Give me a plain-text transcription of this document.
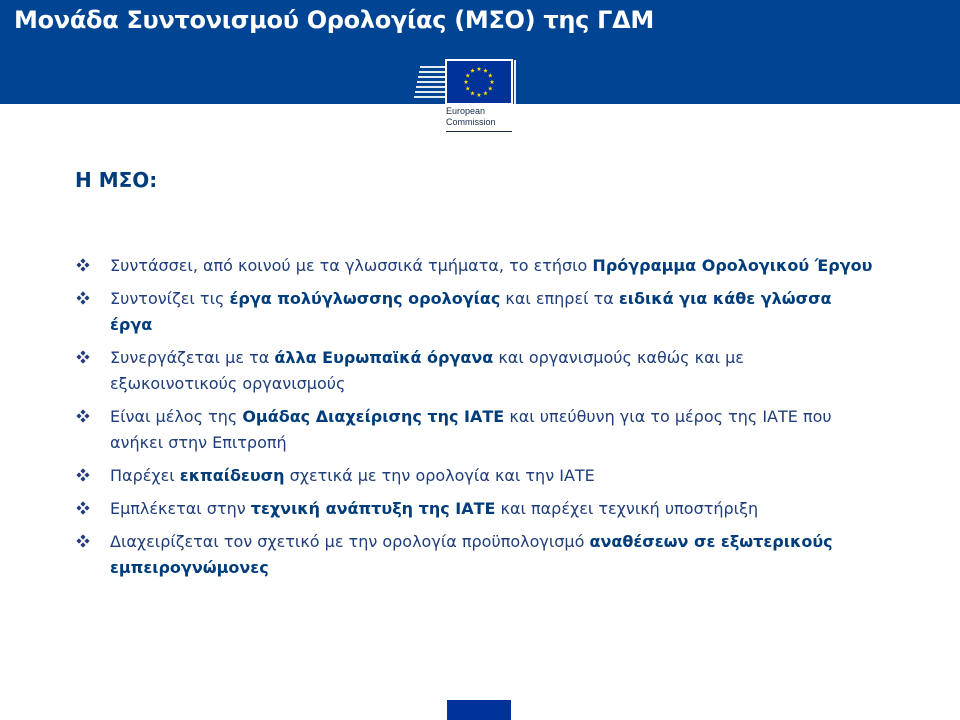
Μονάδα Συντονισμού Ορολογίας (ΜΣΟ) της ΓΔΜ
European
Commission
Η ΜΣΟ:
Συντάσσει, από κοινού με τα γλωσσικά τμήματα, το ετήσιο Πρόγραμμα Ορολογικού Έργου
Συντονίζει τις έργα πολύγλωσσης ορολογίας και επηρεί τα ειδικά για κάθε γλώσσα έργα
Συνεργάζεται με τα άλλα Ευρωπαϊκά όργανα και οργανισμούς καθώς και με εξωκοινοτικούς οργανισμούς
Είναι μέλος της Ομάδας Διαχείρισης της ΙΑΤΕ και υπεύθυνη για το μέρος της ΙΑΤΕ που ανήκει στην Επιτροπή
Παρέχει εκπαίδευση σχετικά με την ορολογία και την ΙΑΤΕ
Εμπλέκεται στην τεχνική ανάπτυξη της ΙΑΤΕ και παρέχει τεχνική υποστήριξη
Διαχειρίζεται τον σχετικό με την ορολογία προϋπολογισμό αναθέσεων σε εξωτερικούς εμπειρογνώμονες
